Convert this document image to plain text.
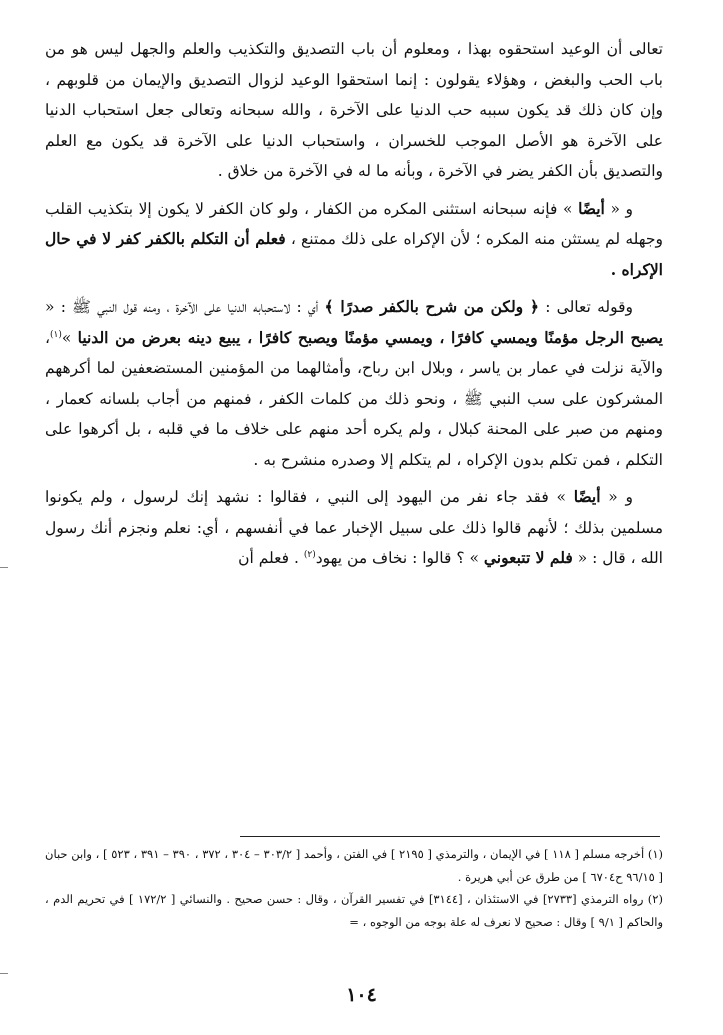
تعالى أن الوعيد استحقوه بهذا ، ومعلوم أن باب التصديق والتكذيب والعلم والجهل ليس هو من باب الحب والبغض ، وهؤلاء يقولون : إنما استحقوا الوعيد لزوال التصديق والإيمان من قلوبهم ، وإن كان ذلك قد يكون سببه حب الدنيا على الآخرة ، والله سبحانه وتعالى جعل استحباب الدنيا على الآخرة هو الأصل الموجب للخسران ، واستحباب الدنيا على الآخرة قد يكون مع العلم والتصديق بأن الكفر يضر في الآخرة ، وبأنه ما له في الآخرة من خلاق .

و « أيضًا » فإنه سبحانه استثنى المكره من الكفار ، ولو كان الكفر لا يكون إلا بتكذيب القلب وجهله لم يستثن منه المكره ؛ لأن الإكراه على ذلك ممتنع ، فعلم أن التكلم بالكفر كفر لا في حال الإكراه .

وقوله تعالى : ﴿ ولكن من شرح بالكفر صدرًا ﴾ أي : لاستحبابه الدنيا على الآخرة ، ومنه قول النبي ﷺ : « يصبح الرجل مؤمنًا ويمسي كافرًا ، ويمسي مؤمنًا ويصبح كافرًا ، يبيع دينه بعرض من الدنيا »$^{(١)}$، والآية نزلت في عمار بن ياسر ، وبلال ابن رباح، وأمثالهما من المؤمنين المستضعفين لما أكرههم المشركون على سب النبي ﷺ ، ونحو ذلك من كلمات الكفر ، فمنهم من أجاب بلسانه كعمار ، ومنهم من صبر على المحنة كبلال ، ولم يكره أحد منهم على خلاف ما في قلبه ، بل أكرهوا على التكلم ، فمن تكلم بدون الإكراه ، لم يتكلم إلا وصدره منشرح به .

و « أيضًا » فقد جاء نفر من اليهود إلى النبي ، فقالوا : نشهد إنك لرسول ، ولم يكونوا مسلمين بذلك ؛ لأنهم قالوا ذلك على سبيل الإخبار عما في أنفسهم ، أي: نعلم ونجزم أنك رسول الله ، قال : « فلم لا تتبعوني » ؟ قالوا : نخاف من يهود$^{(٢)}$ . فعلم أن

(١) أخرجه مسلم [ ١١٨ ] في الإيمان ، والترمذي [ ٢١٩٥ ] في الفتن ، وأحمد [ ٣٠٣/٢ – ٣٠٤ ، ٣٧٢ ، ٣٩٠ – ٣٩١ ، ٥٢٣ ] ، وابن حبان [ ٩٦/١٥ ح٦٧٠٤ ] من طرق عن أبي هريرة .

(٢) رواه الترمذي [٢٧٣٣] في الاستئذان ، [٣١٤٤] في تفسير القرآن ، وقال : حسن صحيح . والنسائي [ ١٧٢/٢ ] في تحريم الدم ، والحاكم [ ٩/١ ] وقال : صحيح لا نعرف له علة بوجه من الوجوه ، =

١٠٤
